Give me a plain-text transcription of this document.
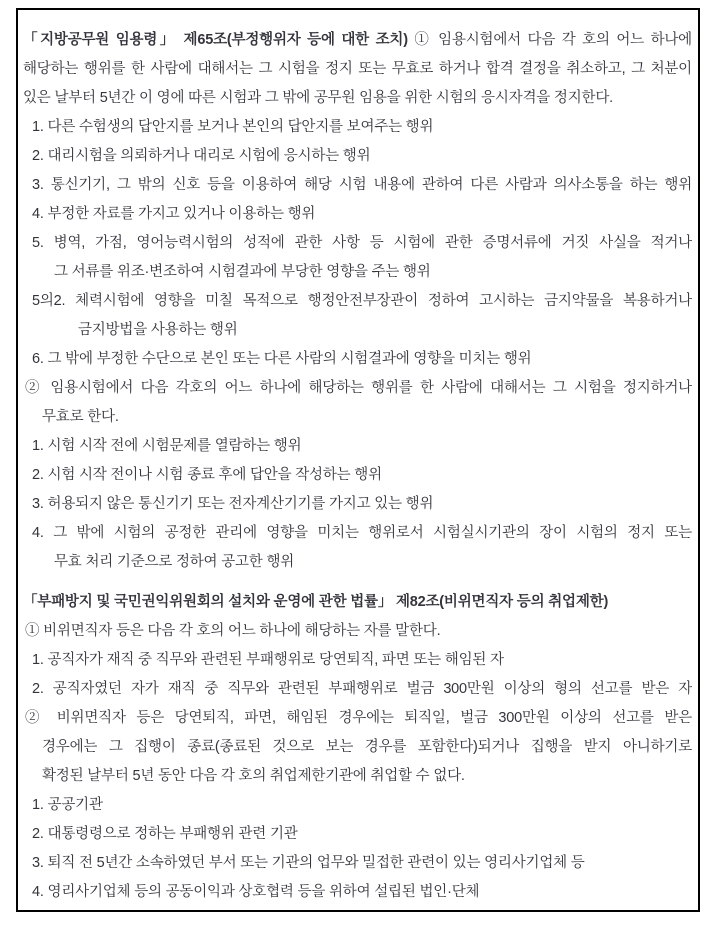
「지방공무원 임용령」 제65조(부정행위자 등에 대한 조치) ① 임용시험에서 다음 각 호의 어느 하나에
해당하는 행위를 한 사람에 대해서는 그 시험을 정지 또는 무효로 하거나 합격 결정을 취소하고, 그 처분이
있은 날부터 5년간 이 영에 따른 시험과 그 밖에 공무원 임용을 위한 시험의 응시자격을 정지한다.
1. 다른 수험생의 답안지를 보거나 본인의 답안지를 보여주는 행위
2. 대리시험을 의뢰하거나 대리로 시험에 응시하는 행위
3. 통신기기, 그 밖의 신호 등을 이용하여 해당 시험 내용에 관하여 다른 사람과 의사소통을 하는 행위
4. 부정한 자료를 가지고 있거나 이용하는 행위
5. 병역, 가점, 영어능력시험의 성적에 관한 사항 등 시험에 관한 증명서류에 거짓 사실을 적거나
그 서류를 위조·변조하여 시험결과에 부당한 영향을 주는 행위
5의2. 체력시험에 영향을 미칠 목적으로 행정안전부장관이 정하여 고시하는 금지약물을 복용하거나
금지방법을 사용하는 행위
6. 그 밖에 부정한 수단으로 본인 또는 다른 사람의 시험결과에 영향을 미치는 행위
② 임용시험에서 다음 각호의 어느 하나에 해당하는 행위를 한 사람에 대해서는 그 시험을 정지하거나
무효로 한다.
1. 시험 시작 전에 시험문제를 열람하는 행위
2. 시험 시작 전이나 시험 종료 후에 답안을 작성하는 행위
3. 허용되지 않은 통신기기 또는 전자계산기기를 가지고 있는 행위
4. 그 밖에 시험의 공정한 관리에 영향을 미치는 행위로서 시험실시기관의 장이 시험의 정지 또는
무효 처리 기준으로 정하여 공고한 행위
「부패방지 및 국민권익위원회의 설치와 운영에 관한 법률」 제82조(비위면직자 등의 취업제한)
① 비위면직자 등은 다음 각 호의 어느 하나에 해당하는 자를 말한다.
1. 공직자가 재직 중 직무와 관련된 부패행위로 당연퇴직, 파면 또는 해임된 자
2. 공직자였던 자가 재직 중 직무와 관련된 부패행위로 벌금 300만원 이상의 형의 선고를 받은 자
② 비위면직자 등은 당연퇴직, 파면, 해임된 경우에는 퇴직일, 벌금 300만원 이상의 선고를 받은
경우에는 그 집행이 종료(종료된 것으로 보는 경우를 포함한다)되거나 집행을 받지 아니하기로
확정된 날부터 5년 동안 다음 각 호의 취업제한기관에 취업할 수 없다.
1. 공공기관
2. 대통령령으로 정하는 부패행위 관련 기관
3. 퇴직 전 5년간 소속하였던 부서 또는 기관의 업무와 밀접한 관련이 있는 영리사기업체 등
4. 영리사기업체 등의 공동이익과 상호협력 등을 위하여 설립된 법인·단체
